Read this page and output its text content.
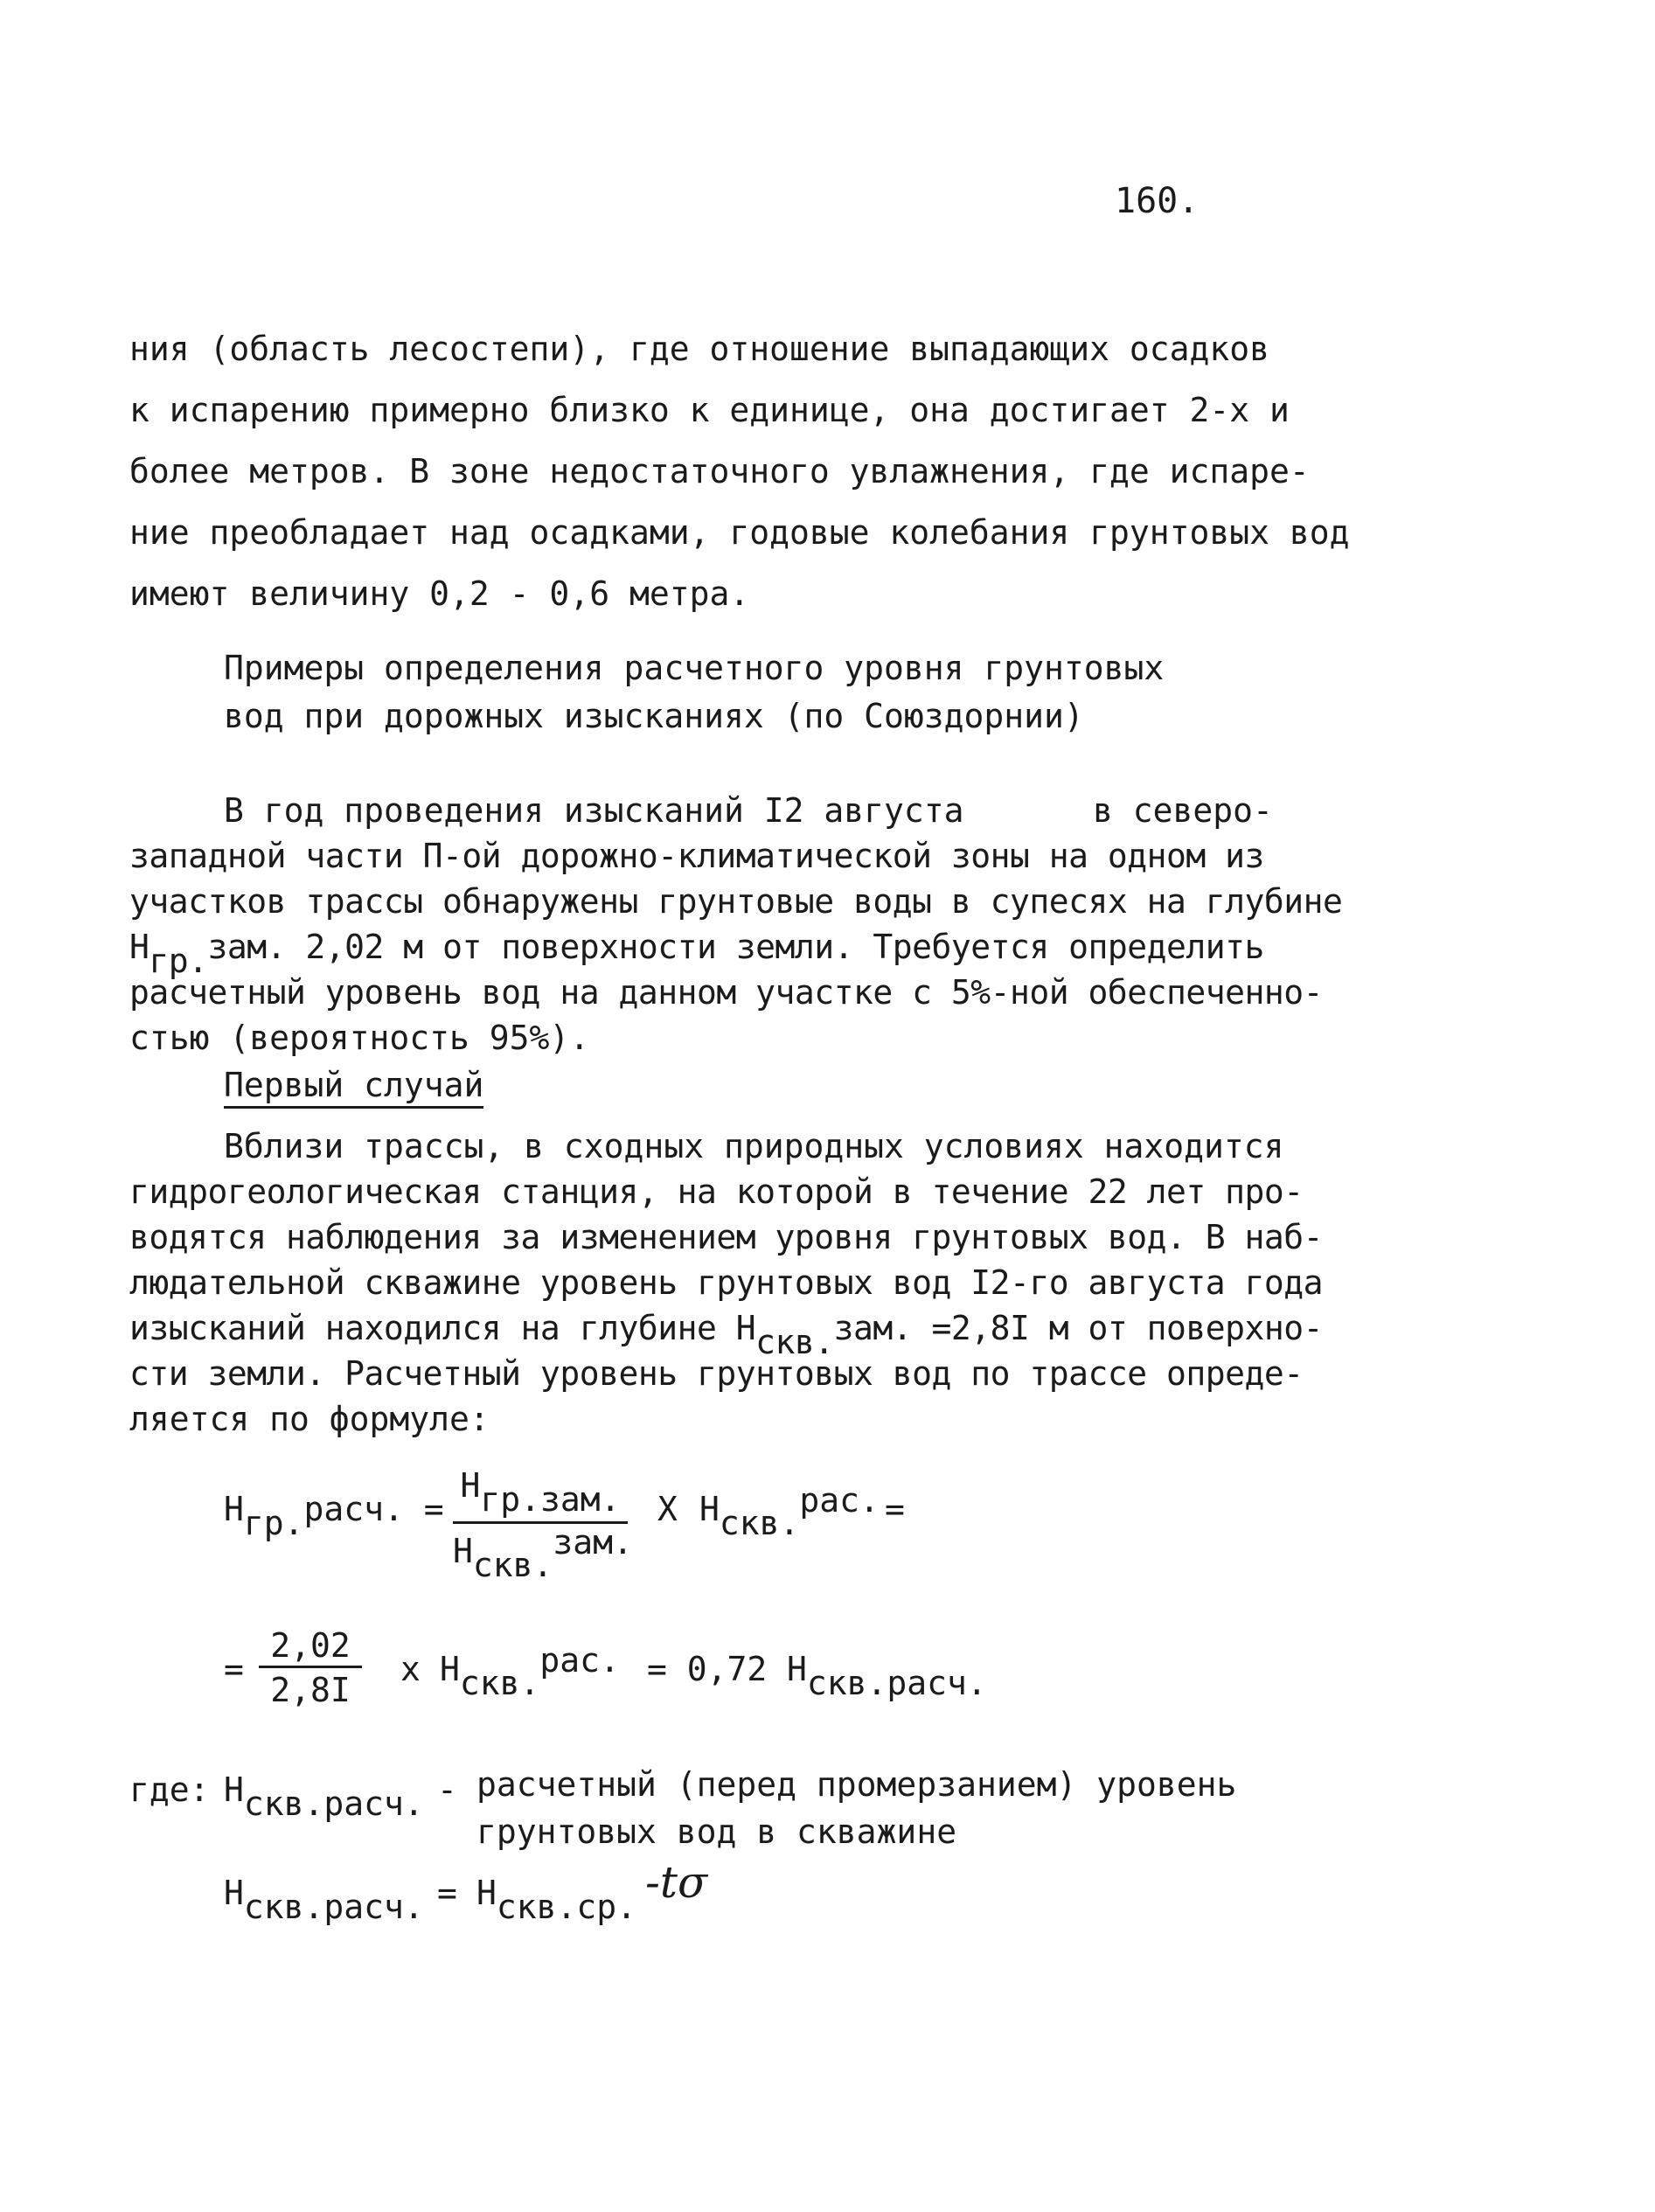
160.
ния (область лесостепи), где отношение выпадающих осадков
к испарению примерно близко к единице, она достигает 2-х и
более метров. В зоне недостаточного увлажнения, где испаре-
ние преобладает над осадками, годовые колебания грунтовых вод
имеют величину 0,2 - 0,6 метра.
Примеры определения расчетного уровня грунтовых
вод при дорожных изысканиях (по Союздорнии)
В год проведения изысканий I2 августа	в северо-
западной части П-ой дорожно-климатической зоны на одном из
участков трассы обнаружены грунтовые воды в супесях на глубине
$Н_{гр.}зам$. 2,02 м от поверхности земли. Требуется определить
расчетный уровень вод на данном участке с 5%-ной обеспеченно-
стью (вероятность 95%).
Первый случай
Вблизи трассы, в сходных природных условиях находится
гидрогеологическая станция, на которой в течение 22 лет про-
водятся наблюдения за изменением уровня грунтовых вод. В наб-
людательной скважине уровень грунтовых вод I2-го августа года
изысканий находился на глубине $Н_{скв.}зам$. =2,8I м от поверхно-
сти земли. Расчетный уровень грунтовых вод по трассе опреде-
ляется по формуле:
$Н_{гр.}расч$. =
$Н_{гр.зам.}$
$Н_{скв.}^{зам.}$
Х $Н_{скв.}^{рас.}$ =
=
2,02
2,8I
х $Н_{скв.}^{рас.} = 0,72$ $Н_{скв.расч.}$
где: $Н_{скв.расч.}$ - расчетный (перед промерзанием) уровень
грунтовых вод в скважине
$Н_{скв.расч.} = Н_{скв.ср.}$ -tσ
